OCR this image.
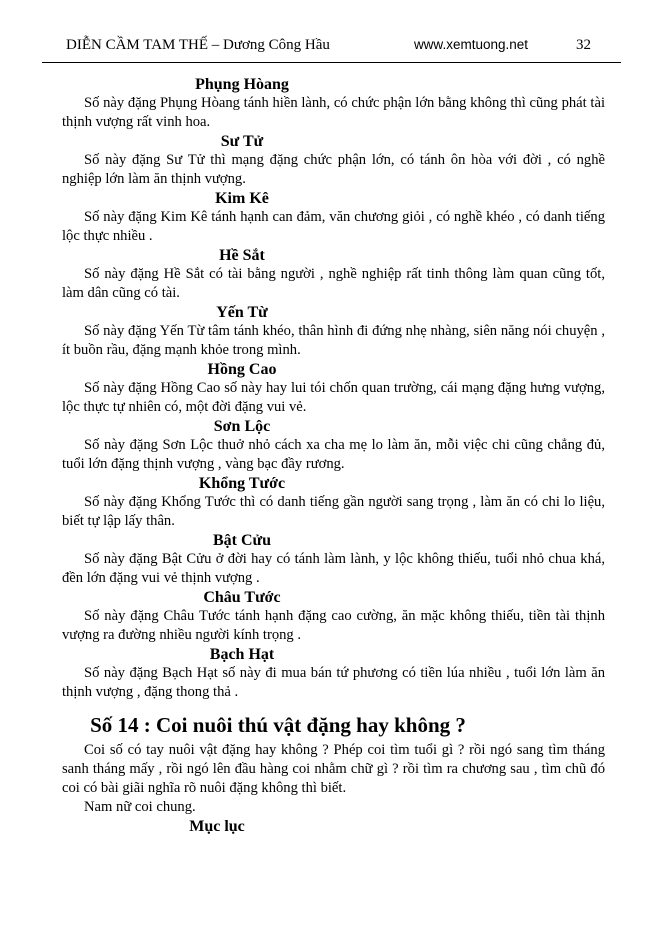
DIỄN CẦM TAM THẾ – Dương Công Hầu	www.xemtuong.net	32
Phụng Hòang

Số này đặng Phụng Hòang tánh hiền lành, có chức phận lớn bằng không thì cũng phát tài thịnh vượng rất vinh hoa.

Sư Tử

Số này đặng Sư Tử thì mạng đặng chức phận lớn, có tánh ôn hòa với đời , có nghề nghiệp lớn làm ăn thịnh vượng.

Kim Kê

Số này đặng Kim Kê tánh hạnh can đảm, văn chương giỏi , có nghề khéo , có danh tiếng lộc thực nhiều .

Hề Sắt

Số này đặng Hề Sắt có tài bằng người , nghề nghiệp rất tinh thông làm quan cũng tốt, làm dân cũng có tài.

Yến Từ

Số này đặng Yến Từ tâm tánh khéo, thân hình đi đứng nhẹ nhàng, siên năng nói chuyện , ít buồn rầu, đặng mạnh khỏe trong mình.

Hồng Cao

Số này đặng Hồng Cao số này hay lui tói chốn quan trường, cái mạng đặng hưng vượng, lộc thực tự nhiên có, một đời đặng vui vẻ.

Sơn Lộc

Số này đặng Sơn Lộc thuở nhỏ cách xa cha mẹ lo làm ăn, mỗi việc chi cũng chẳng đủ, tuổi lớn đặng thịnh vượng , vàng bạc đầy rương.

Khổng Tước

Số này đặng Khổng Tước thì có danh tiếng gần người sang trọng , làm ăn có chi lo liệu, biết tự lập lấy thân.

Bật Cửu

Số này đặng Bật Cửu ở đời hay có tánh làm lành, y lộc không thiếu, tuổi nhỏ chua khá, đền lớn đặng vui vẻ thịnh vượng .

Châu Tước

Số này đặng Châu Tước tánh hạnh đặng cao cường, ăn mặc không thiếu, tiền tài thịnh vượng ra đường nhiều người kính trọng .

Bạch Hạt

Số này đặng Bạch Hạt số này đi mua bán tứ phương có tiền lúa nhiều , tuổi lớn làm ăn thịnh vượng , đặng thong thả .

Số 14 : Coi nuôi thú vật đặng hay không ?

Coi số có tay nuôi vật đặng hay không ? Phép coi tìm tuổi gì ? rồi ngó sang tìm tháng sanh tháng mấy , rồi ngó lên đầu hàng coi nhằm chữ gì ? rồi tìm ra chương sau , tìm chũ đó coi có bài giãi nghĩa rõ nuôi đặng không thì biết.

Nam nữ coi chung.

Mục lục
